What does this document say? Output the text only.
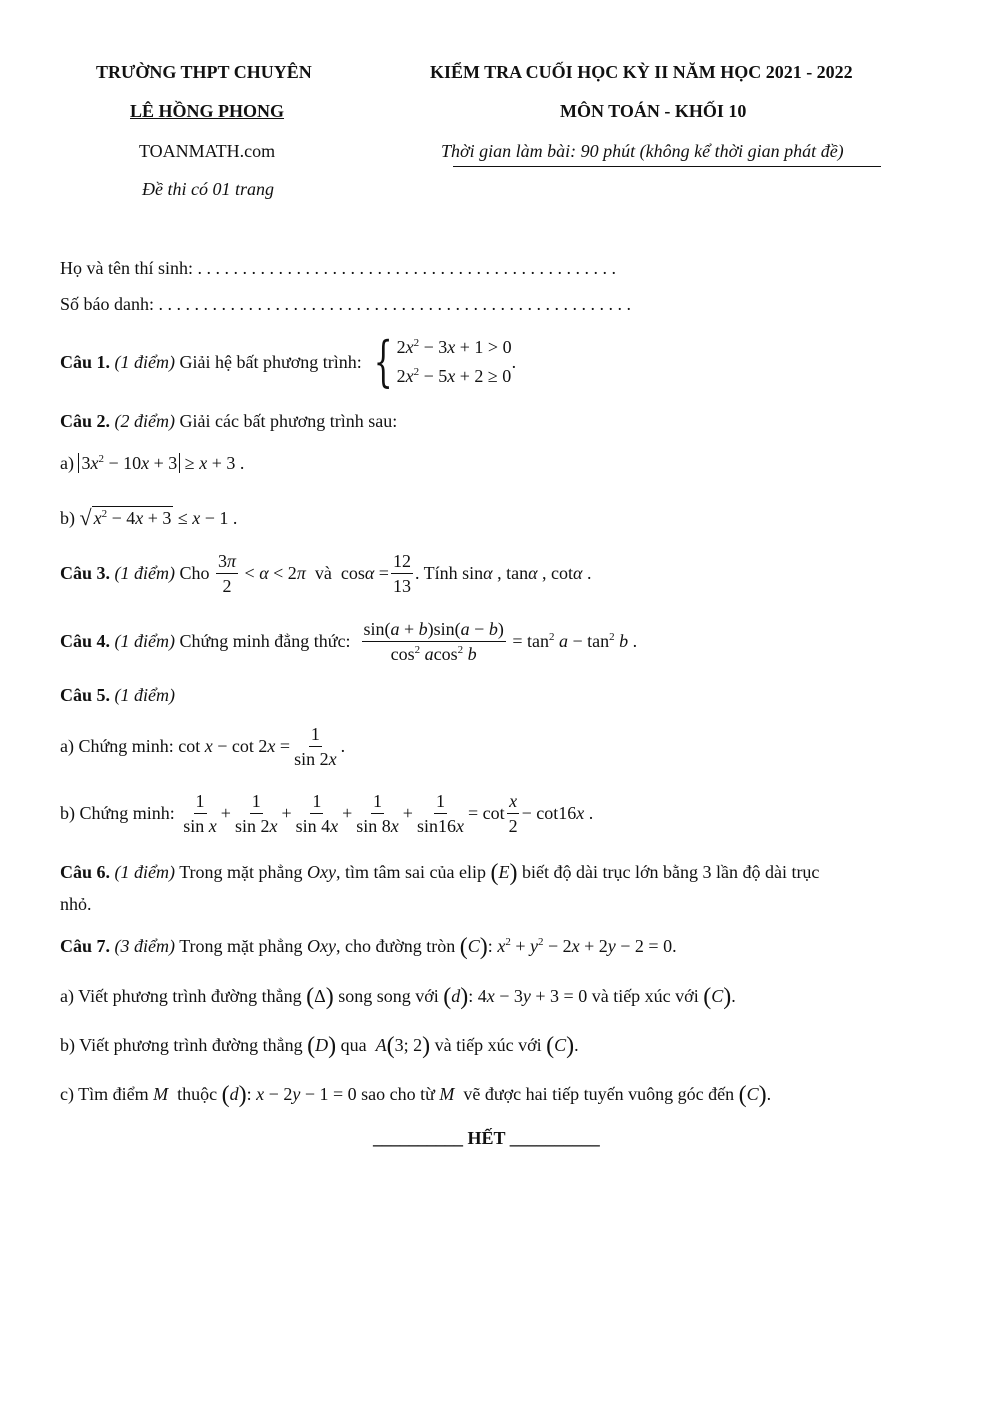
TRƯỜNG THPT CHUYÊN
LÊ HỒNG PHONG
TOANMATH.com
Đề thi có 01 trang
KIỂM TRA CUỐI HỌC KỲ II NĂM HỌC 2021 - 2022
MÔN TOÁN - KHỐI 10
Thời gian làm bài: 90 phút (không kể thời gian phát đề)
Họ và tên thí sinh: . . . . . . . . . . . . . . . . . . . . . . . . . . . . . . . . . . . . . . . . . . . . . . .
Số báo danh: . . . . . . . . . . . . . . . . . . . . . . . . . . . . . . . . . . . . . . . . . . . . . . . . . . . . .
Câu 1.
(1 điểm)
Giải hệ bất phương trình:
{ $2x^2 - 3x + 1 > 0$
$2x^2 - 5x + 2 \ge 0$
.
Câu 2. (2 điểm) Giải các bất phương trình sau:
a) $3x^2 - 10x + 3 \ge x + 3$ .
b)
√ $x^2 - 4x + 3 \le x - 1$ .
Câu 3.
(1 điểm)
Cho
$\frac{3\pi}{2} < \alpha < 2\pi$ và $\cos\alpha = \frac{12}{13}$ . Tính sinα , tanα , cotα .
Câu 4.
(1 điểm)
Chứng minh đẳng thức:
$\frac{\sin(a + b)\sin(a - b)}{\cos^2 acos^2 b} = \tan^2 a - \tan^2 b$ .
Câu 5. (1 điểm)
a) Chứng minh:
$\cot x - \cot 2x = \frac{1}{\sin 2x}$ .
b) Chứng minh:
$\frac{1}{\text{sin x}} + \frac{1}{\sin 2x} + \frac{1}{\sin 4x} + \frac{1}{\sin 8x} + \frac{1}{\sin 16x} = \cot \frac{x}{2} - \cot 16x$ .
Câu 6. (1 điểm) Trong mặt phẳng Oxy, tìm tâm sai của elip (E) biết độ dài trục lớn bằng 3 lần độ dài trục
nhỏ.
Câu 7. (3 điểm) Trong mặt phẳng Oxy, cho đường tròn (C): $x^2 + y^2 - 2x + 2y - 2 = 0$.
a) Viết phương trình đường thẳng (Δ) song song với (d): 4x − 3y + 3 = 0 và tiếp xúc với (C).
b) Viết phương trình đường thẳng (D) qua A(3; 2) và tiếp xúc với (C).
c) Tìm điểm M thuộc (d): x − 2y − 1 = 0 sao cho từ M vẽ được hai tiếp tuyến vuông góc đến (C).
__________ HẾT __________
